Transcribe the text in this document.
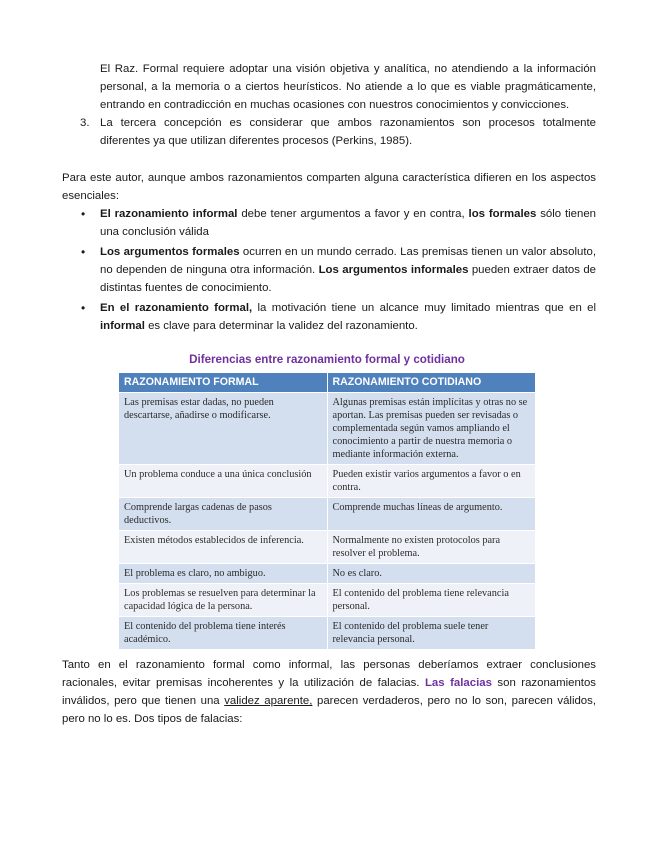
El Raz. Formal requiere adoptar una visión objetiva y analítica, no atendiendo a la información personal, a la memoria o a ciertos heurísticos. No atiende a lo que es viable pragmáticamente, entrando en contradicción en muchas ocasiones con nuestros conocimientos y convicciones.
3. La tercera concepción es considerar que ambos razonamientos son procesos totalmente diferentes ya que utilizan diferentes procesos (Perkins, 1985).
Para este autor, aunque ambos razonamientos comparten alguna característica difieren en los aspectos esenciales:
• El razonamiento informal debe tener argumentos a favor y en contra, los formales sólo tienen una conclusión válida
• Los argumentos formales ocurren en un mundo cerrado. Las premisas tienen un valor absoluto, no dependen de ninguna otra información. Los argumentos informales pueden extraer datos de distintas fuentes de conocimiento.
• En el razonamiento formal, la motivación tiene un alcance muy limitado mientras que en el informal es clave para determinar la validez del razonamiento.
Diferencias entre razonamiento formal y cotidiano
RAZONAMIENTO FORMAL	RAZONAMIENTO COTIDIANO
Las premisas estar dadas, no pueden descartarse, añadirse o modificarse.	Algunas premisas están implícitas y otras no se aportan. Las premisas pueden ser revisadas o complementada según vamos ampliando el conocimiento a partir de nuestra memoria o mediante información externa.
Un problema conduce a una única conclusión	Pueden existir varios argumentos a favor o en contra.
Comprende largas cadenas de pasos deductivos.	Comprende muchas líneas de argumento.
Existen métodos establecidos de inferencia.	Normalmente no existen protocolos para resolver el problema.
El problema es claro, no ambiguo.	No es claro.
Los problemas se resuelven para determinar la capacidad lógica de la persona.	El contenido del problema tiene relevancia personal.
El contenido del problema tiene interés académico.	El contenido del problema suele tener relevancia personal.
Tanto en el razonamiento formal como informal, las personas deberíamos extraer conclusiones racionales, evitar premisas incoherentes y la utilización de falacias. Las falacias son razonamientos inválidos, pero que tienen una validez aparente, parecen verdaderos, pero no lo son, parecen válidos, pero no lo es. Dos tipos de falacias:
